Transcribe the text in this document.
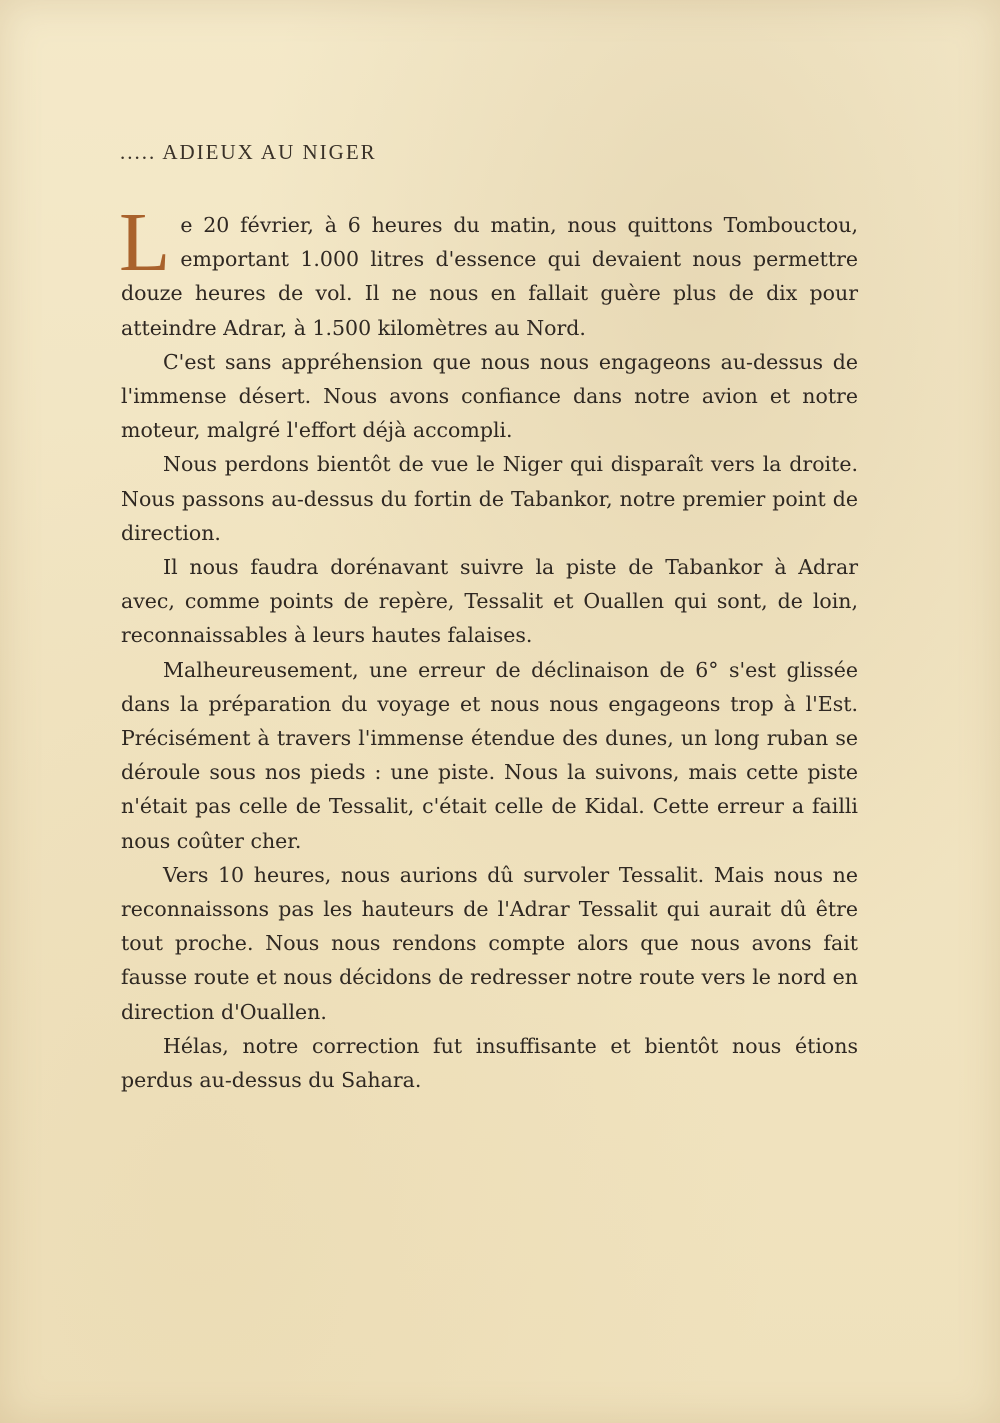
..... ADIEUX AU NIGER

Le 20 février, à 6 heures du matin, nous quittons Tombouctou, emportant 1.000 litres d'essence qui devaient nous permettre douze heures de vol. Il ne nous en fallait guère plus de dix pour atteindre Adrar, à 1.500 kilomètres au Nord.

C'est sans appréhension que nous nous engageons au-dessus de l'immense désert. Nous avons confiance dans notre avion et notre moteur, malgré l'effort déjà accompli.

Nous perdons bientôt de vue le Niger qui disparaît vers la droite. Nous passons au-dessus du fortin de Tabankor, notre premier point de direction.

Il nous faudra dorénavant suivre la piste de Tabankor à Adrar avec, comme points de repère, Tessalit et Ouallen qui sont, de loin, reconnaissables à leurs hautes falaises.

Malheureusement, une erreur de déclinaison de 6° s'est glissée dans la préparation du voyage et nous nous engageons trop à l'Est. Précisément à travers l'immense étendue des dunes, un long ruban se déroule sous nos pieds : une piste. Nous la suivons, mais cette piste n'était pas celle de Tessalit, c'était celle de Kidal. Cette erreur a failli nous coûter cher.

Vers 10 heures, nous aurions dû survoler Tessalit. Mais nous ne reconnaissons pas les hauteurs de l'Adrar Tessalit qui aurait dû être tout proche. Nous nous rendons compte alors que nous avons fait fausse route et nous décidons de redresser notre route vers le nord en direction d'Ouallen.

Hélas, notre correction fut insuffisante et bientôt nous étions perdus au-dessus du Sahara.
